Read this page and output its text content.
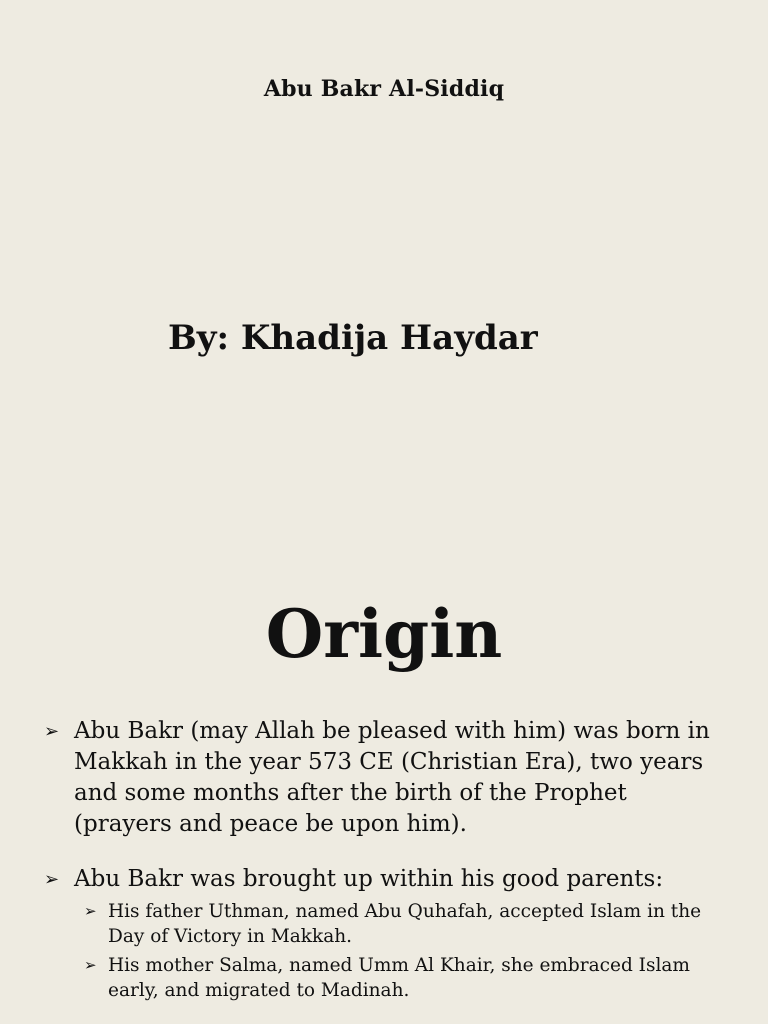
Abu Bakr Al-Siddiq
By: Khadija Haydar
Origin
➢ Abu Bakr (may Allah be pleased with him) was born in Makkah in the year 573 CE (Christian Era), two years and some months after the birth of the Prophet (prayers and peace be upon him).
➢ Abu Bakr was brought up within his good parents:
➢ His father Uthman, named Abu Quhafah, accepted Islam in the Day of Victory in Makkah.
➢ His mother Salma, named Umm Al Khair, she embraced Islam early, and migrated to Madinah.
